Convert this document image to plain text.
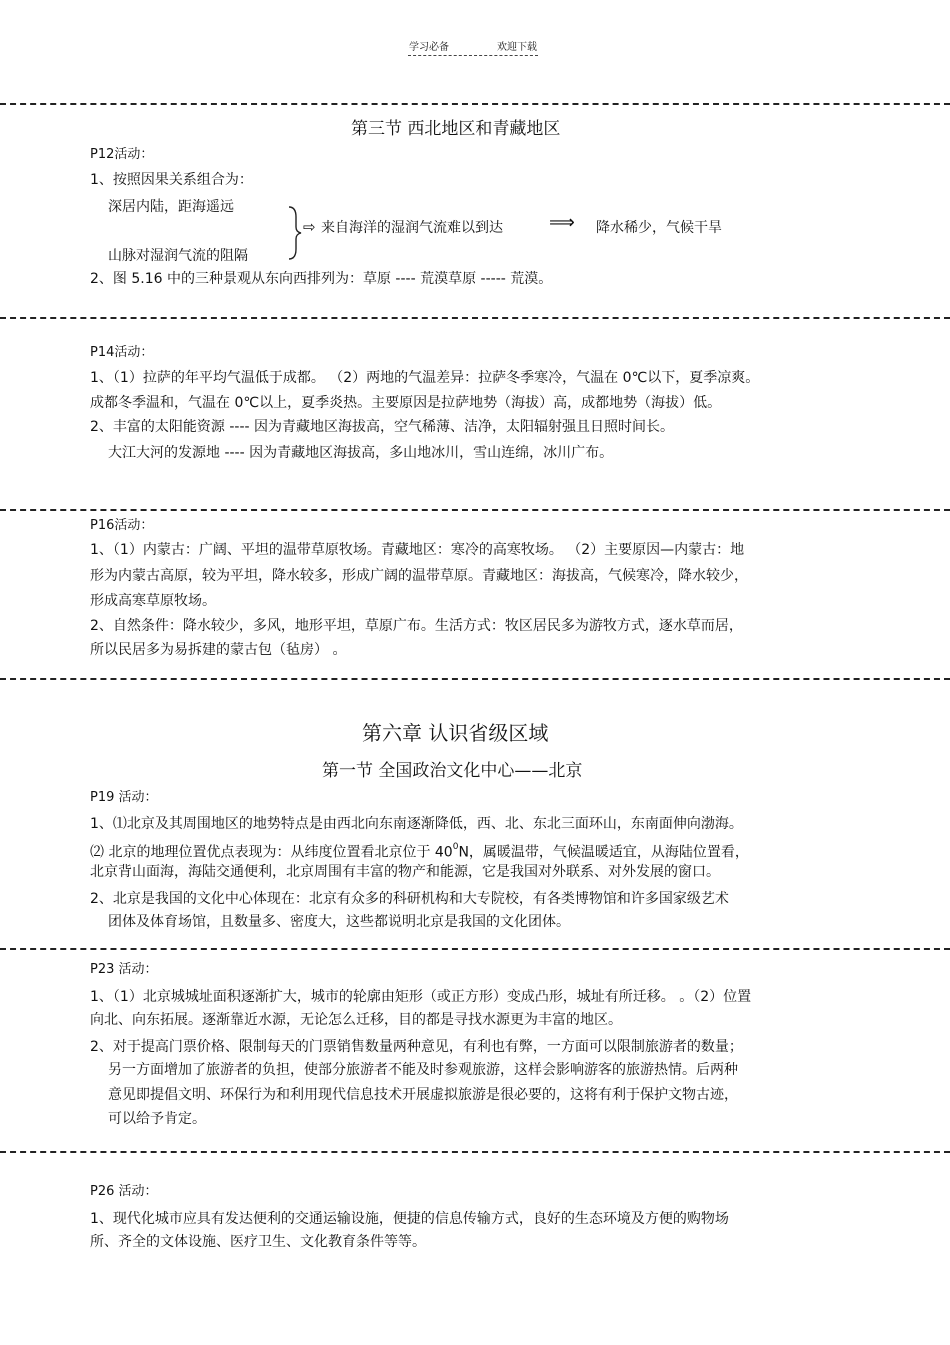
学习必备	欢迎下载
第三节 西北地区和青藏地区
P12活动：
1、按照因果关系组合为：
深居内陆，距海遥远
山脉对湿润气流的阻隔
⇨ 来自海洋的湿润气流难以到达	⟹ 降水稀少，气候干旱
2、图 5.16 中的三种景观从东向西排列为：草原 ---- 荒漠草原 ----- 荒漠。
P14活动：
1、（1）拉萨的年平均气温低于成都。 （2）两地的气温差异：拉萨冬季寒冷，气温在 0℃以下，夏季凉爽。
成都冬季温和，气温在 0℃以上，夏季炎热。主要原因是拉萨地势（海拔）高，成都地势（海拔）低。
2、丰富的太阳能资源 ---- 因为青藏地区海拔高，空气稀薄、洁净，太阳辐射强且日照时间长。
大江大河的发源地 ---- 因为青藏地区海拔高，多山地冰川，雪山连绵，冰川广布。
P16活动：
1、（1）内蒙古：广阔、平坦的温带草原牧场。青藏地区：寒冷的高寒牧场。 （2）主要原因—内蒙古：地
形为内蒙古高原，较为平坦，降水较多，形成广阔的温带草原。青藏地区：海拔高，气候寒冷，降水较少，
形成高寒草原牧场。
2、自然条件：降水较少，多风，地形平坦，草原广布。生活方式：牧区居民多为游牧方式，逐水草而居，
所以民居多为易拆建的蒙古包（毡房） 。
第六章 认识省级区域
第一节 全国政治文化中心——北京
P19 活动：
1、⑴北京及其周围地区的地势特点是由西北向东南逐渐降低，西、北、东北三面环山，东南面伸向渤海。
⑵ 北京的地理位置优点表现为：从纬度位置看北京位于 $40^0N$，属暖温带，气候温暖适宜，从海陆位置看，
北京背山面海，海陆交通便利，北京周围有丰富的物产和能源，它是我国对外联系、对外发展的窗口。
2、北京是我国的文化中心体现在：北京有众多的科研机构和大专院校，有各类博物馆和许多国家级艺术
团体及体育场馆，且数量多、密度大，这些都说明北京是我国的文化团体。
P23 活动：
1、（1）北京城城址面积逐渐扩大，城市的轮廓由矩形（或正方形）变成凸形，城址有所迁移。 。（2）位置
向北、向东拓展。逐渐靠近水源，无论怎么迁移，目的都是寻找水源更为丰富的地区。
2、对于提高门票价格、限制每天的门票销售数量两种意见，有利也有弊，一方面可以限制旅游者的数量；
另一方面增加了旅游者的负担，使部分旅游者不能及时参观旅游，这样会影响游客的旅游热情。后两种
意见即提倡文明、环保行为和利用现代信息技术开展虚拟旅游是很必要的，这将有利于保护文物古迹，
可以给予肯定。
P26 活动：
1、现代化城市应具有发达便利的交通运输设施，便捷的信息传输方式，良好的生态环境及方便的购物场
所、齐全的文体设施、医疗卫生、文化教育条件等等。
